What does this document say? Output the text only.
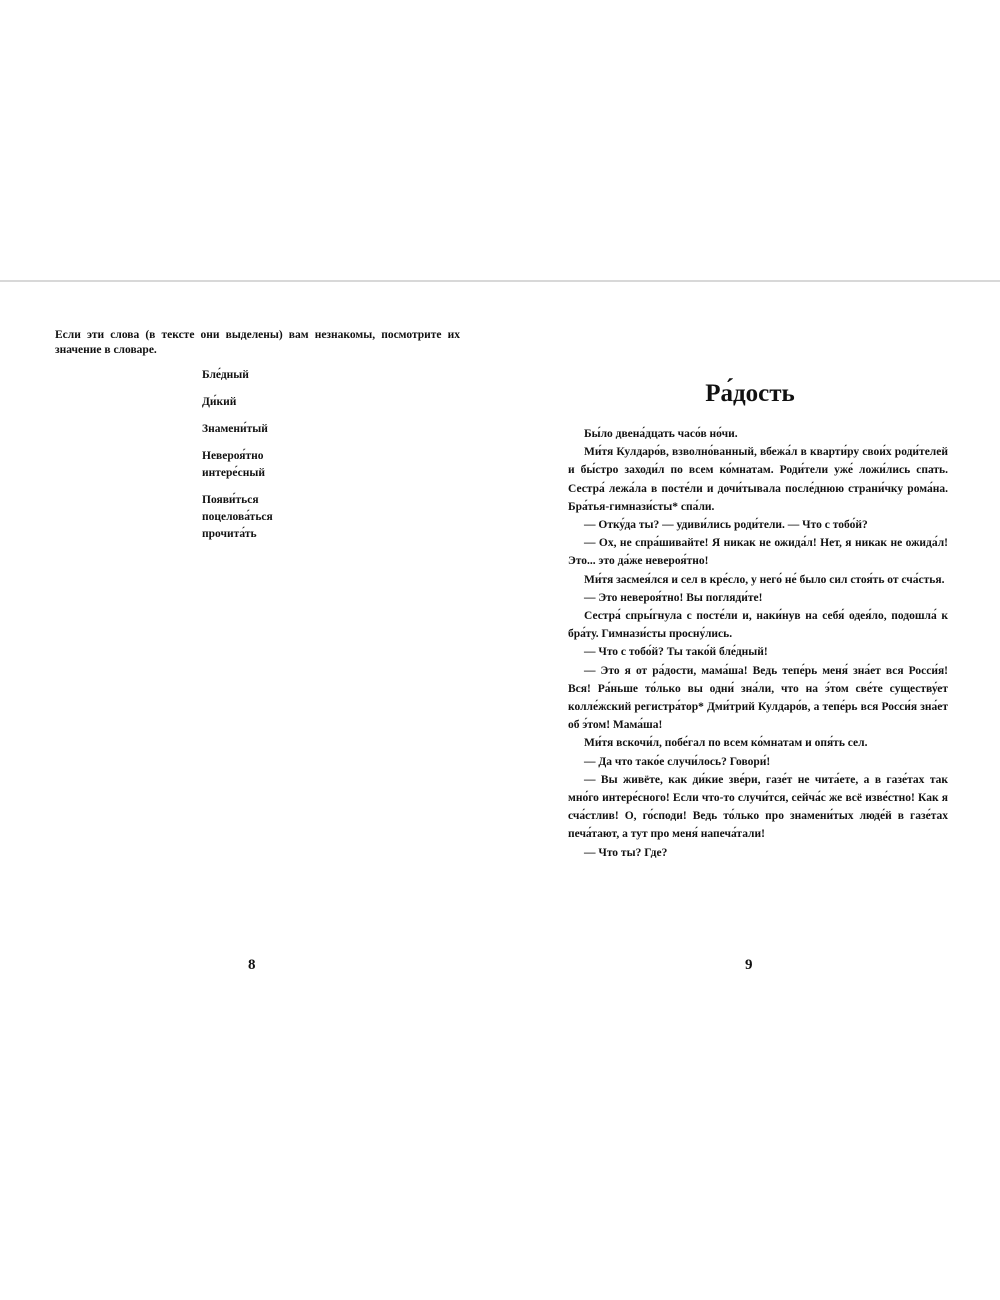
Если эти слова (в тексте они выделены) вам незнакомы, посмотрите их значение в словаре.

Бле́дный
Ди́кий
Знамени́тый
Невероя́тно
интере́сный
Появи́ться
поцелова́ться
прочита́ть
8
Ра́дость

Бы́ло двена́дцать часо́в но́чи.

Ми́тя Кулдаро́в, взволно́ванный, вбежа́л в кварти́ру свои́х роди́телей и бы́стро заходи́л по всем ко́мнатам. Роди́тели уже́ ложи́лись спать. Сестра́ лежа́ла в посте́ли и дочи́тывала после́днюю страни́чку рома́на. Бра́тья-гимнази́сты* спа́ли.

— Отку́да ты? — удиви́лись роди́тели. — Что с тобо́й?

— Ох, не спра́шивайте! Я никак не ожида́л! Нет, я никак не ожида́л! Это... это да́же невероя́тно!

Ми́тя засмея́лся и сел в кре́сло, у него́ не́ было сил стоя́ть от сча́стья.

— Это невероя́тно! Вы погляди́те!

Сестра́ спры́гнула с посте́ли и, наки́нув на себя́ одея́ло, подошла́ к бра́ту. Гимнази́сты просну́лись.

— Что с тобо́й? Ты тако́й бле́дный!

— Это я от ра́дости, мама́ша! Ведь тепе́рь меня́ зна́ет вся Росси́я! Вся! Ра́ньше то́лько вы одни́ зна́ли, что на э́том све́те существу́ет колле́жский регистра́тор* Дми́трий Кулдаро́в, а тепе́рь вся Росси́я зна́ет об э́том! Мама́ша!

Ми́тя вскочи́л, побе́гал по всем ко́мнатам и опя́ть сел.

— Да что тако́е случи́лось? Говори́!

— Вы живёте, как ди́кие зве́ри, газе́т не чита́ете, а в газе́тах так мно́го интере́сного! Если что-то случи́тся, сейча́с же всё изве́стно! Как я сча́стлив! О, го́споди! Ведь то́лько про знамени́тых люде́й в газе́тах печа́тают, а тут про меня́ напеча́тали!

— Что ты? Где?

9
